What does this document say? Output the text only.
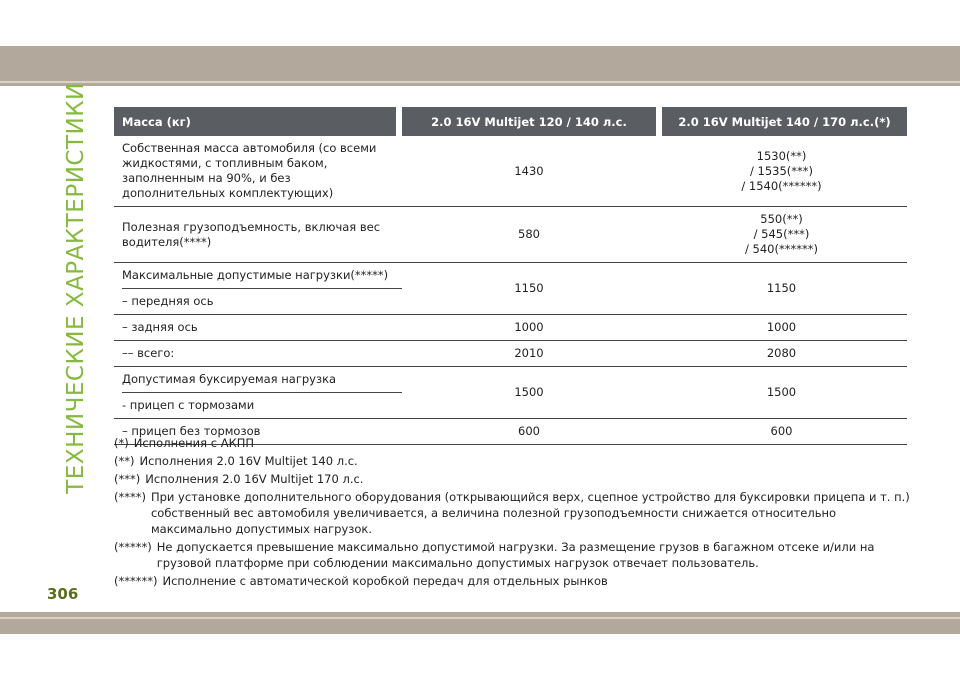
ТЕХНИЧЕСКИЕ ХАРАКТЕРИСТИКИ	Масса (кг)		2.0 16V Multijet 120 / 140 л.с.		2.0 16V Multijet 140 / 170 л.с.(*)
Собственная масса автомобиля (со всеми жидкостями, с топливным баком, заполненным на 90%, и без дополнительных комплектующих)		1430	1530(**)
/ 1535(***)
/ 1540(******)	

Полезная грузоподъемность, включая вес водителя(****)		580	550(**)
/ 545(***)
/ 540(******)	

Максимальные допустимые нагрузки(*****)
– передняя ось		1150	1150	
– задняя ось		1000	1000	
–– всего:		2010	2080	

Допустимая буксируемая нагрузка
- прицеп с тормозами		1500	1500	
– прицеп без тормозов		600	600	
(*) Исполнения с АКПП
(**) Исполнения 2.0 16V Multijet 140 л.с.
(***) Исполнения 2.0 16V Multijet 170 л.с.
(****) При установке дополнительного оборудования (открывающийся верх, сцепное устройство для буксировки прицепа и т. п.) собственный вес автомобиля увеличивается, а величина полезной грузоподъемности снижается относительно максимально допустимых нагрузок.
(*****) Не допускается превышение максимально допустимой нагрузки. За размещение грузов в багажном отсеке и/или на грузовой платформе при соблюдении максимально допустимых нагрузок отвечает пользователь.
(******) Исполнение с автоматической коробкой передач для отдельных рынков
306
